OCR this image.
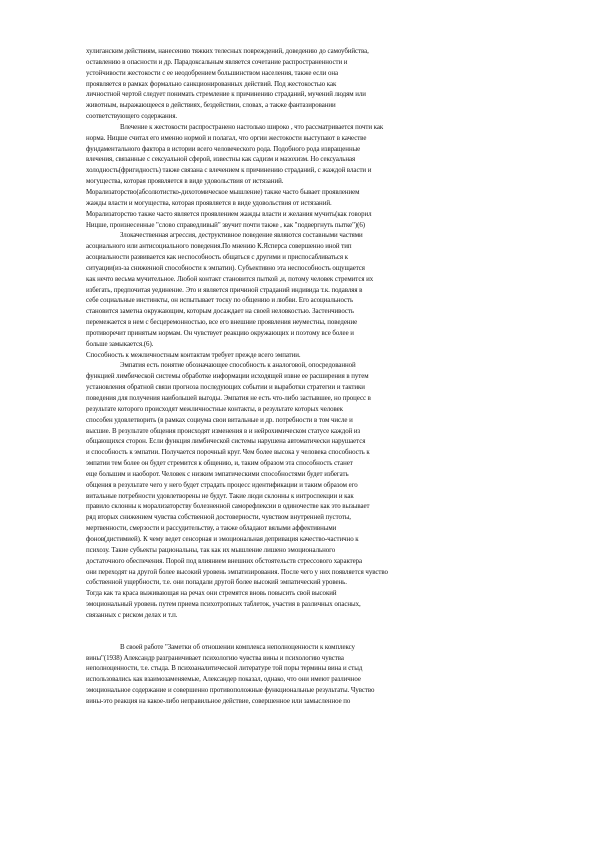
хулиганским действиям, нанесению тяжких телесных повреждений, доведению до самоубийства,
оставлению в опасности и др. Парадоксальным является сочетание распространенности и
устойчивости жестокости с ее неодобрением большинством населения, также если она
проявляется в рамках формально санкционированных действий. Под жестокостью как
личностной чертой следует понимать стремление к причинению страданий, мучений людям или
животным, выражающееся в действиях, бездействии, словах, а также фантазировании
соответствующего содержания.
Влечение к жестокости распространено настолько широко , что рассматривается почти как
норма. Ницше считал его именно нормой и полагал, что оргии жестокости выступают в качестве
фундаментального фактора в истории всего человеческого рода. Подобного рода извращенные
влечения, связанные с сексуальной сферой, известны как садизм и мазохизм. Но сексуальная
холодность(фригидность) также связана с влечением к причинению страданий, с жаждой власти и
могущества, которая проявляется в виде удовольствия от истязаний.
Морализаторство(абсолютистко-дихотомическое мышление) также часто бывает проявлением
жажды власти и могущества, которая проявляется в виде удовольствия от истязаний.
Морализаторство также часто является проявлением жажды власти и желания мучить(как говорил
Ницше, произнесенные "слово справедливый" звучит почти также , как "подвергнуть пытке")(6)
Злокачественная агрессия, деструктивное поведение являются составными частями
асоциального или антисоциального поведения.По мнению К.Ясперса совершенно иной тип
асоциальности развивается как неспособность общаться с другими и приспосабливаться к
ситуации(из-за сниженной способности к эмпатии). Субъективно эта неспособность ощущается
как нечто весьма мучительное. Любой контакт становится пыткой ,и, потому человек стремится их
избегать, предпочитая уединение. Это и является причиной страданий индивида т.к. подавляя в
себе социальные инстинкты, он испытывает тоску по общению и любви. Его асоциальность
становится заметна окружающим, которым досаждает на своей неловкостью. Застенчивость
перемежается в нем с бесцеремонностью, все его внешние проявления неуместны, поведение
противоречит принятым нормам. Он чувствует реакцию окружающих и поэтому все более и
больше замыкается.(6).
Способность к межличностным контактам требует прежде всего эмпатии.
Эмпатия есть понятие обозначающее способность к аналоговой, опосредованной
функцией лимбической системы обработке информации исходящей извне ее расширения в путем
установления обратной связи прогноза последующих событии и выработки стратегии и тактики
поведения для получения наибольшей выгоды. Эмпатия не есть что-либо застывшее, но процесс в
результате которого происходят межличностные контакты, в результате которых человек
способен удовлетворить (в рамках социума свои витальные и др. потребности в том числе и
высшие. В результате общения происходят изменения в и нейрохимическом статусе каждой из
общающихся сторон. Если функция лимбической системы нарушена автоматически нарушается
и способность к эмпатии. Получается порочный круг. Чем более высока у человека способность к
эмпатии тем более он будет стремится к общению, и, таким образом эта способность станет
еще большим и наоборот. Человек с низким эмпатическими способностями будет избегать
общения в результате чего у него будет страдать процесс идентификации и таким образом его
витальные потребности удовлетворены не будут. Такие люди склонны к интроспекции и как
правило склонны к морализаторству болезненной саморефлексии в одиночестве как это вызывает
ряд вторых снижением чувства собственной достоверности, чувством внутренней пустоты,
мертвенности, смерзости и рассудительству, а также обладают вялыми аффективными
фонов(дистимией). К чему ведет сенсорная и эмоциональная депривация качество-частично к
психозу. Такие субъекты рациональны, так как их мышление лишено эмоционального
достаточного обеспечения. Порой под влиянием внешних обстоятельств стрессового характера
они переходят на другой более высокий уровень эмпатизирования. После чего у них появляется чувство
собственной ущербности, т.е. они попадали другой более высокий эмпатический уровень.
Тогда как та краса выживающая на речах они стремятся вновь повысить свой высокий
эмоциональный уровень путем приема психотропных таблеток, участия в различных опасных,
связанных с риском делах и т.п.
В своей работе "Заметки об отношении комплекса неполноценности к комплексу
вины"(1938) Александр разграничивает психологию чувства вины и психологию чувства
неполноценности, т.е. стыда. В психоаналитической литературе той поры термины вина и стыд
использовались как взаимозаменяемые, Александер показал, однако, что они имеют различное
эмоциональное содержание и совершенно противоположные функциональные результаты. Чувство
вины-это реакция на какое-либо неправильное действие, совершенное или замысленное по
